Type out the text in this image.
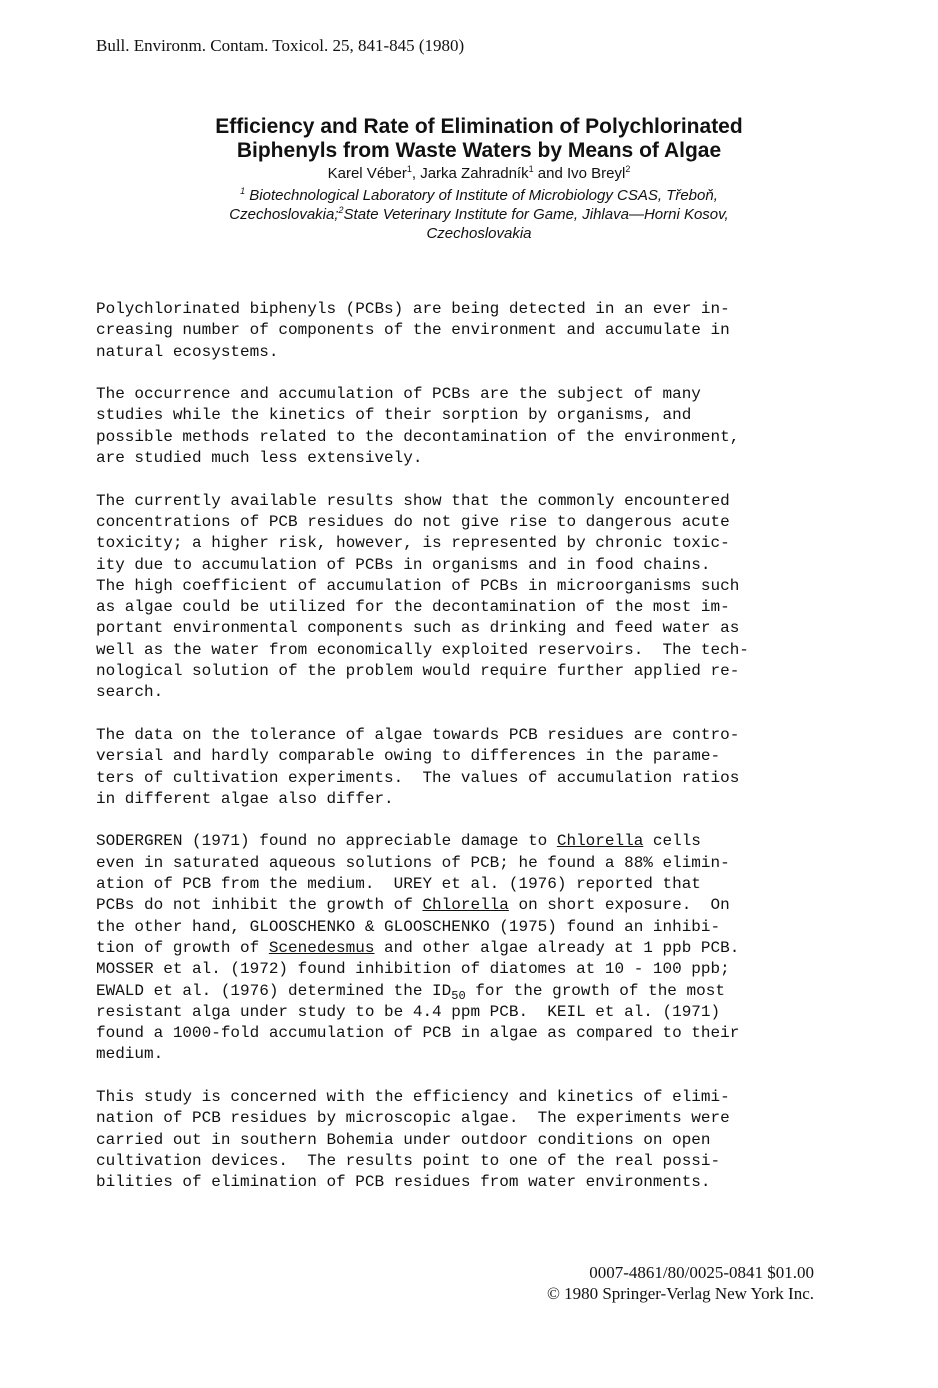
Bull. Environm. Contam. Toxicol. 25, 841-845 (1980)
Efficiency and Rate of Elimination of Polychlorinated
Biphenyls from Waste Waters by Means of Algae
Karel Véber$^1$, Jarka Zahradník$^1$ and Ivo Breyl$^2$
$^1$ Biotechnological Laboratory of Institute of Microbiology CSAS, Třeboň,
Czechoslovakia;$^2$State Veterinary Institute for Game, Jihlava—Horni Kosov,
Czechoslovakia
Polychlorinated biphenyls (PCBs) are being detected in an ever in-
creasing number of components of the environment and accumulate in
natural ecosystems.
The occurrence and accumulation of PCBs are the subject of many
studies while the kinetics of their sorption by organisms, and
possible methods related to the decontamination of the environment,
are studied much less extensively.
The currently available results show that the commonly encountered
concentrations of PCB residues do not give rise to dangerous acute
toxicity; a higher risk, however, is represented by chronic toxic-
ity due to accumulation of PCBs in organisms and in food chains.
The high coefficient of accumulation of PCBs in microorganisms such
as algae could be utilized for the decontamination of the most im-
portant environmental components such as drinking and feed water as
well as the water from economically exploited reservoirs.  The tech-
nological solution of the problem would require further applied re-
search.
The data on the tolerance of algae towards PCB residues are contro-
versial and hardly comparable owing to differences in the parame-
ters of cultivation experiments.  The values of accumulation ratios
in different algae also differ.
SODERGREN (1971) found no appreciable damage to Chlorella cells
even in saturated aqueous solutions of PCB; he found a 88% elimin-
ation of PCB from the medium.  UREY et al. (1976) reported that
PCBs do not inhibit the growth of Chlorella on short exposure.  On
the other hand, GLOOSCHENKO & GLOOSCHENKO (1975) found an inhibi-
tion of growth of Scenedesmus and other algae already at 1 ppb PCB.
MOSSER et al. (1972) found inhibition of diatomes at 10 - 100 ppb;
EWALD et al. (1976) determined the $ID_{50}$ for the growth of the most
resistant alga under study to be 4.4 ppm PCB.  KEIL et al. (1971)
found a 1000-fold accumulation of PCB in algae as compared to their
medium.
This study is concerned with the efficiency and kinetics of elimi-
nation of PCB residues by microscopic algae.  The experiments were
carried out in southern Bohemia under outdoor conditions on open
cultivation devices.  The results point to one of the real possi-
bilities of elimination of PCB residues from water environments.
0007-4861/80/0025-0841 $01.00
© 1980 Springer-Verlag New York Inc.
